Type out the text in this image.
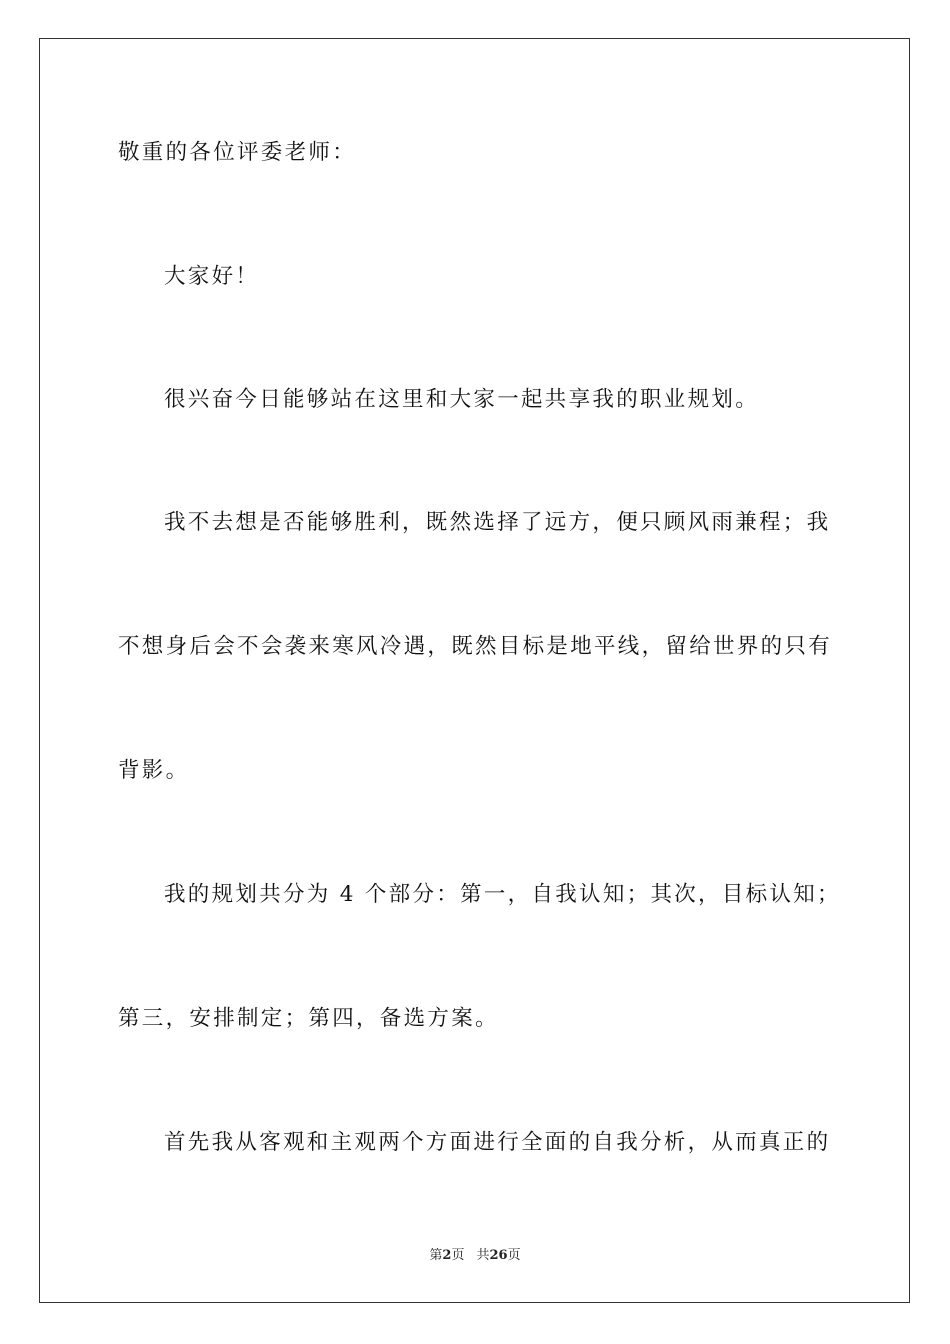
敬重的各位评委老师：
大家好！
很兴奋今日能够站在这里和大家一起共享我的职业规划。
我不去想是否能够胜利，既然选择了远方，便只顾风雨兼程；我
不想身后会不会袭来寒风冷遇，既然目标是地平线，留给世界的只有
背影。
我的规划共分为 4 个部分：第一，自我认知；其次，目标认知；
第三，安排制定；第四，备选方案。
首先我从客观和主观两个方面进行全面的自我分析，从而真正的
第2页 共26页
